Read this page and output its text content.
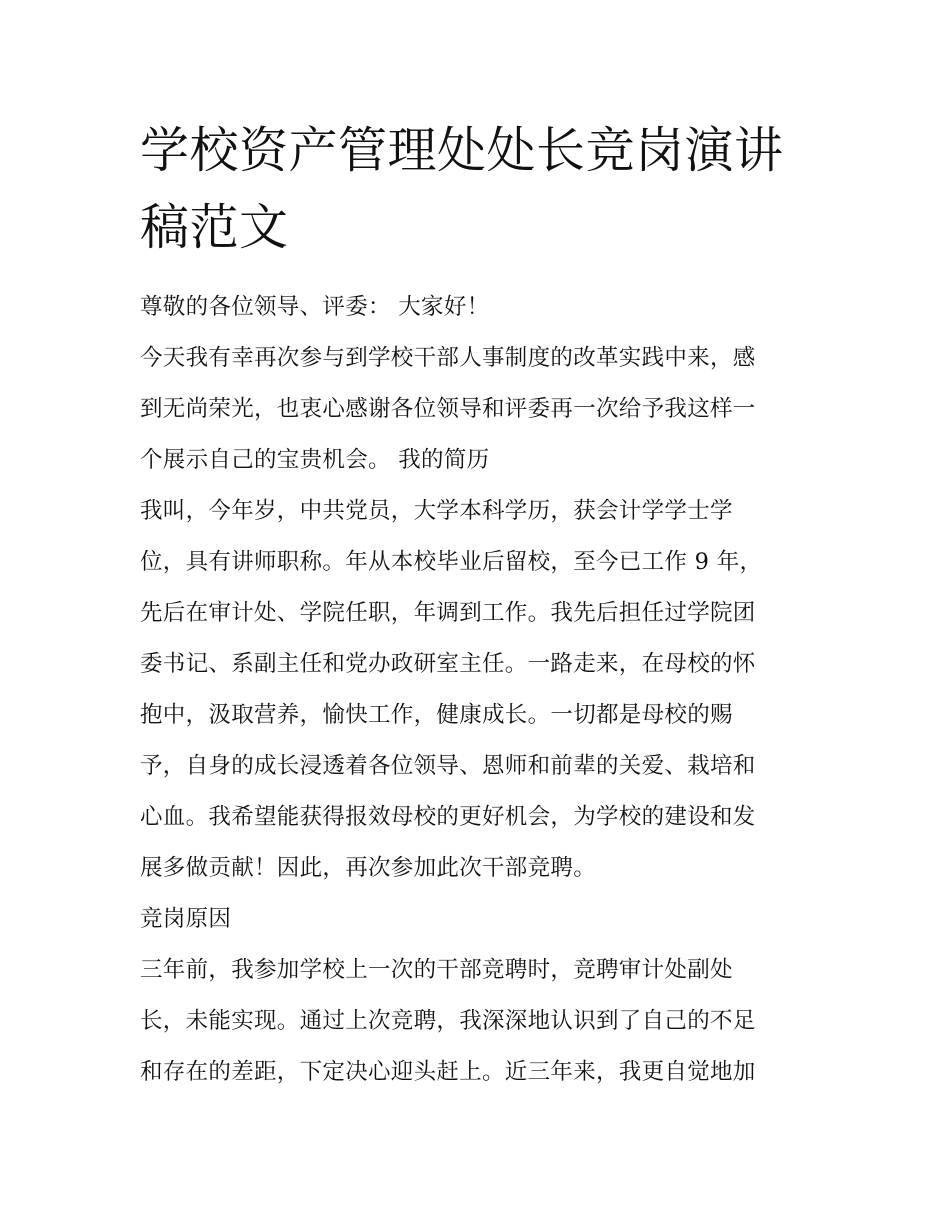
学校资产管理处处长竞岗演讲
稿范文

尊敬的各位领导、评委： 大家好！

今天我有幸再次参与到学校干部人事制度的改革实践中来，感
到无尚荣光，也衷心感谢各位领导和评委再一次给予我这样一
个展示自己的宝贵机会。 我的简历

我叫，今年岁，中共党员，大学本科学历，获会计学学士学
位，具有讲师职称。年从本校毕业后留校，至今已工作 9 年，
先后在审计处、学院任职，年调到工作。我先后担任过学院团
委书记、系副主任和党办政研室主任。一路走来，在母校的怀
抱中，汲取营养，愉快工作，健康成长。一切都是母校的赐
予，自身的成长浸透着各位领导、恩师和前辈的关爱、栽培和
心血。我希望能获得报效母校的更好机会，为学校的建设和发
展多做贡献！因此，再次参加此次干部竞聘。

竞岗原因

三年前，我参加学校上一次的干部竞聘时，竞聘审计处副处
长，未能实现。通过上次竞聘，我深深地认识到了自己的不足
和存在的差距，下定决心迎头赶上。近三年来，我更自觉地加
